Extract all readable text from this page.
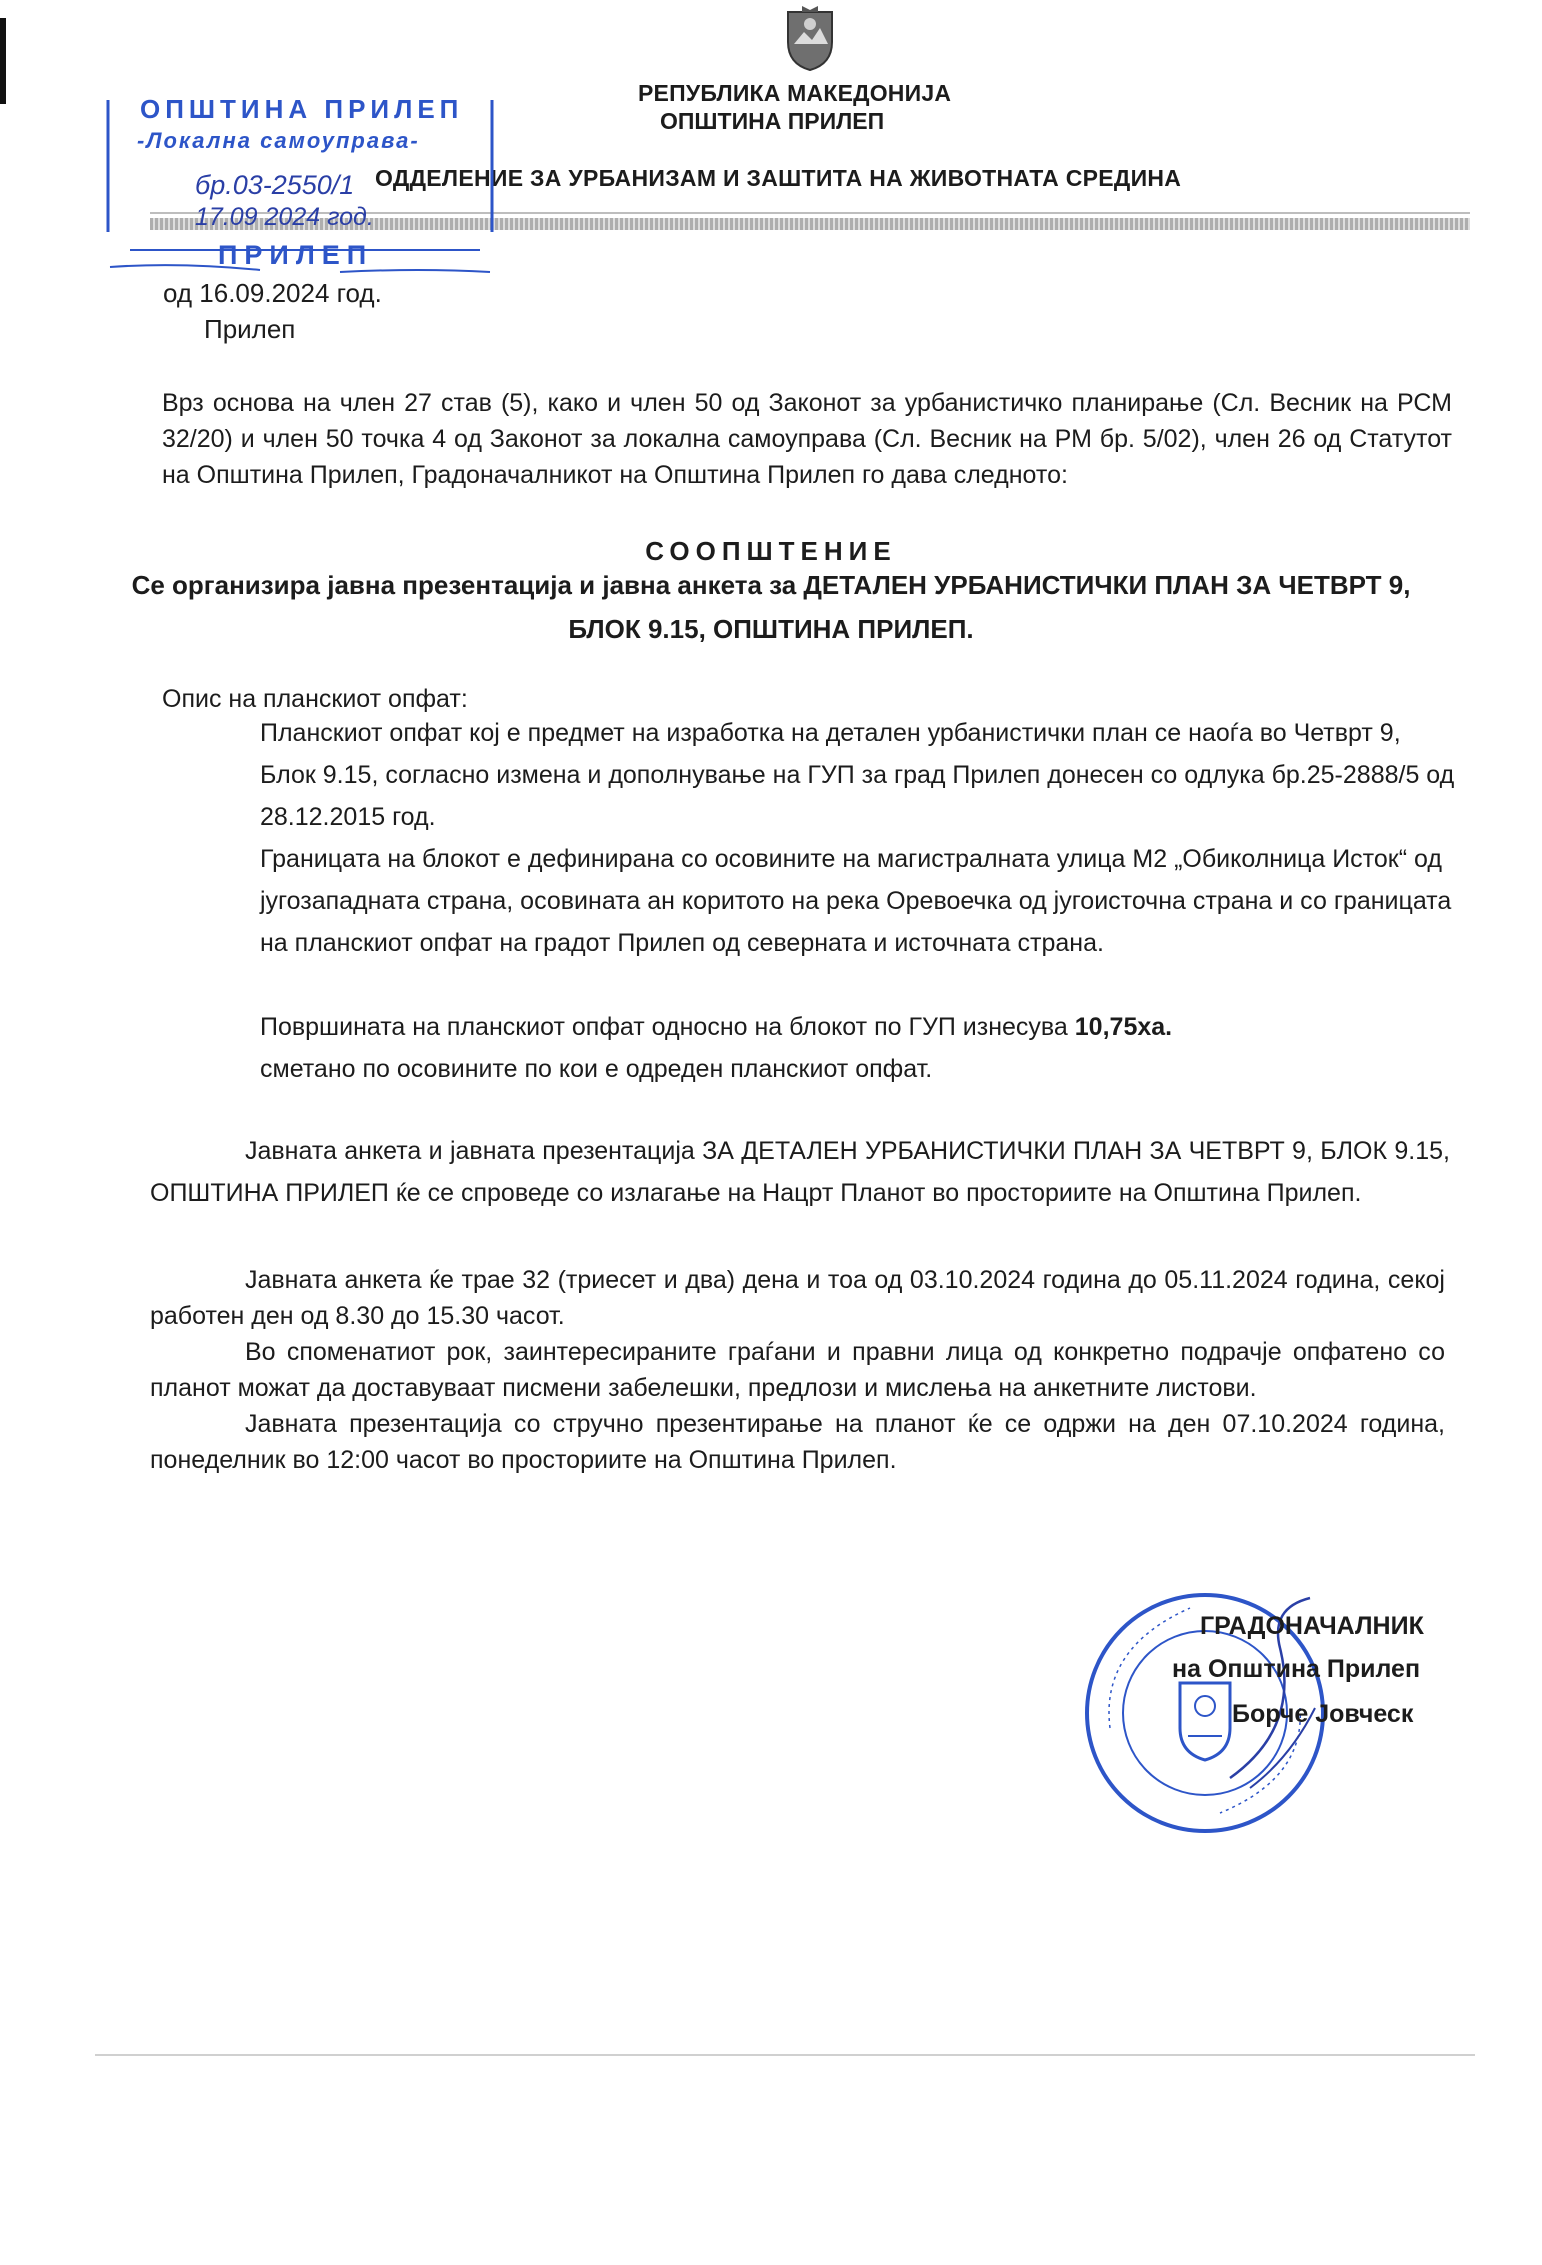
РЕПУБЛИКА МАКЕДОНИЈА
ОПШТИНА ПРИЛЕП
ОДДЕЛЕНИЕ ЗА УРБАНИЗАМ И ЗАШТИТА НА ЖИВОТНАТА СРЕДИНА
ОПШТИНА ПРИЛЕП
-Локална самоуправа-
бр.03-2550/1
17.09 2024 год.
ПРИЛЕП
од 16.09.2024 год.
Прилеп
Врз основа на член 27 став (5), како и член 50 од Законот за урбанистичко планирање (Сл. Весник на РСМ 32/20) и член 50 точка 4 од Законот за локална самоуправа (Сл. Весник на РМ бр. 5/02), член 26 од Статутот на Општина Прилеп, Градоначалникот на Општина Прилеп го дава следното:
СООПШТЕНИЕ
Се организира јавна презентација и јавна анкета за ДЕТАЛЕН УРБАНИСТИЧКИ ПЛАН ЗА ЧЕТВРТ 9,
БЛОК 9.15, ОПШТИНА ПРИЛЕП.
Опис на планскиот опфат:
Планскиот опфат кој е предмет на изработка на детален урбанистички план се наоѓа во Четврт 9, Блок 9.15, согласно измена и дополнување на ГУП за град Прилеп донесен со одлука бр.25-2888/5 од 28.12.2015 год.
Границата на блокот е дефинирана со осовините на магистралната улица М2 „Обиколница Исток“ од југозападната страна, осовината ан коритото на река Оревоечка од југоисточна страна и со границата на планскиот опфат на градот Прилеп од северната и источната страна.
Површината на планскиот опфат односно на блокот по ГУП изнесува 10,75ха.
сметано по осовините по кои е одреден планскиот опфат.
Јавната анкета и јавната презентација ЗА ДЕТАЛЕН УРБАНИСТИЧКИ ПЛАН ЗА ЧЕТВРТ 9, БЛОК 9.15, ОПШТИНА ПРИЛЕП ќе се спроведе со излагање на Нацрт Планот во просториите на Општина Прилеп.
Јавната анкета ќе трае 32 (триесет и два) дена и тоа од 03.10.2024 година до 05.11.2024 година, секој работен ден од 8.30 до 15.30 часот.
Во споменатиот рок, заинтересираните граѓани и правни лица од конкретно подрачје опфатено со планот можат да доставуваат писмени забелешки, предлози и мислења на анкетните листови.
Јавната презентација со стручно презентирање на планот ќе се одржи на ден 07.10.2024 година, понеделник во 12:00 часот во просториите на Општина Прилеп.
ГРАДОНАЧАЛНИК
на Општина Прилеп
Борче Јовческ
